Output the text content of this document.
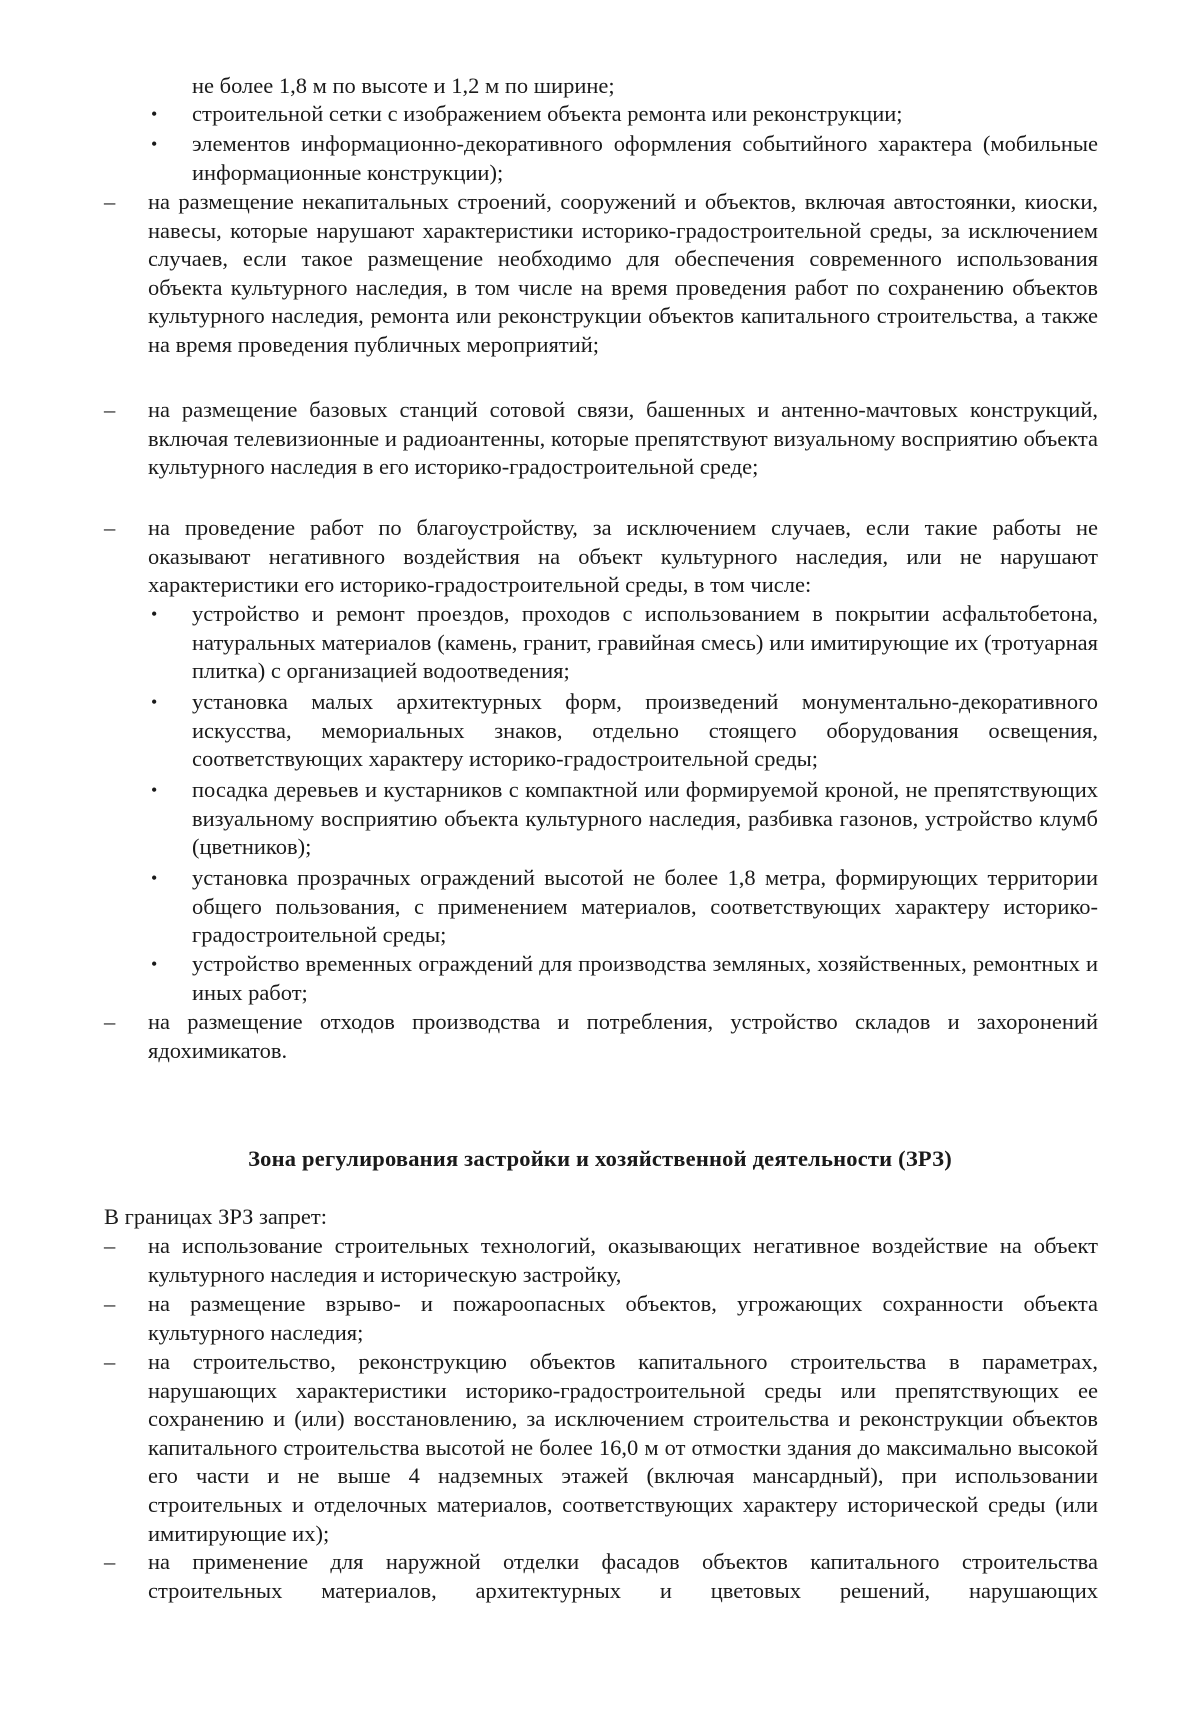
не более 1,8 м по высоте и 1,2 м по ширине;

•	строительной сетки с изображением объекта ремонта или реконструкции;

•	элементов информационно-декоративного оформления событийного характера (мобильные информационные конструкции);

–	на размещение некапитальных строений, сооружений и объектов, включая автостоянки, киоски, навесы, которые нарушают характеристики историко-градостроительной среды, за исключением случаев, если такое размещение необходимо для обеспечения современного использования объекта культурного наследия, в том числе на время проведения работ по сохранению объектов культурного наследия, ремонта или реконструкции объектов капитального строительства, а также на время проведения публичных мероприятий;

–	на размещение базовых станций сотовой связи, башенных и антенно-мачтовых конструкций, включая телевизионные и радиоантенны, которые препятствуют визуальному восприятию объекта культурного наследия в его историко-градостроительной среде;

–	на проведение работ по благоустройству, за исключением случаев, если такие работы не оказывают негативного воздействия на объект культурного наследия, или не нарушают характеристики его историко-градостроительной среды, в том числе:

•	устройство и ремонт проездов, проходов с использованием в покрытии асфальтобетона, натуральных материалов (камень, гранит, гравийная смесь) или имитирующие их (тротуарная плитка) с организацией водоотведения;

•	установка малых архитектурных форм, произведений монументально-декоративного искусства, мемориальных знаков, отдельно стоящего оборудования освещения, соответствующих характеру историко-градостроительной среды;

•	посадка деревьев и кустарников с компактной или формируемой кроной, не препятствующих визуальному восприятию объекта культурного наследия, разбивка газонов, устройство клумб (цветников);

•	установка прозрачных ограждений высотой не более 1,8 метра, формирующих территории общего пользования, с применением материалов, соответствующих характеру историко-градостроительной среды;

•	устройство временных ограждений для производства земляных, хозяйственных, ремонтных и иных работ;

–	на размещение отходов производства и потребления, устройство складов и захоронений ядохимикатов.

Зона регулирования застройки и хозяйственной деятельности (ЗРЗ)

В границах ЗРЗ запрет:

–	на использование строительных технологий, оказывающих негативное воздействие на объект культурного наследия и историческую застройку,

–	на размещение взрыво- и пожароопасных объектов, угрожающих сохранности объекта культурного наследия;

–	на строительство, реконструкцию объектов капитального строительства в параметрах, нарушающих характеристики историко-градостроительной среды или препятствующих ее сохранению и (или) восстановлению, за исключением строительства и реконструкции объектов капитального строительства высотой не более 16,0 м от отмостки здания до максимально высокой его части и не выше 4 надземных этажей (включая мансардный), при использовании строительных и отделочных материалов, соответствующих характеру исторической среды (или имитирующие их);

–	на применение для наружной отделки фасадов объектов капитального строительства строительных материалов, архитектурных и цветовых решений, нарушающих
